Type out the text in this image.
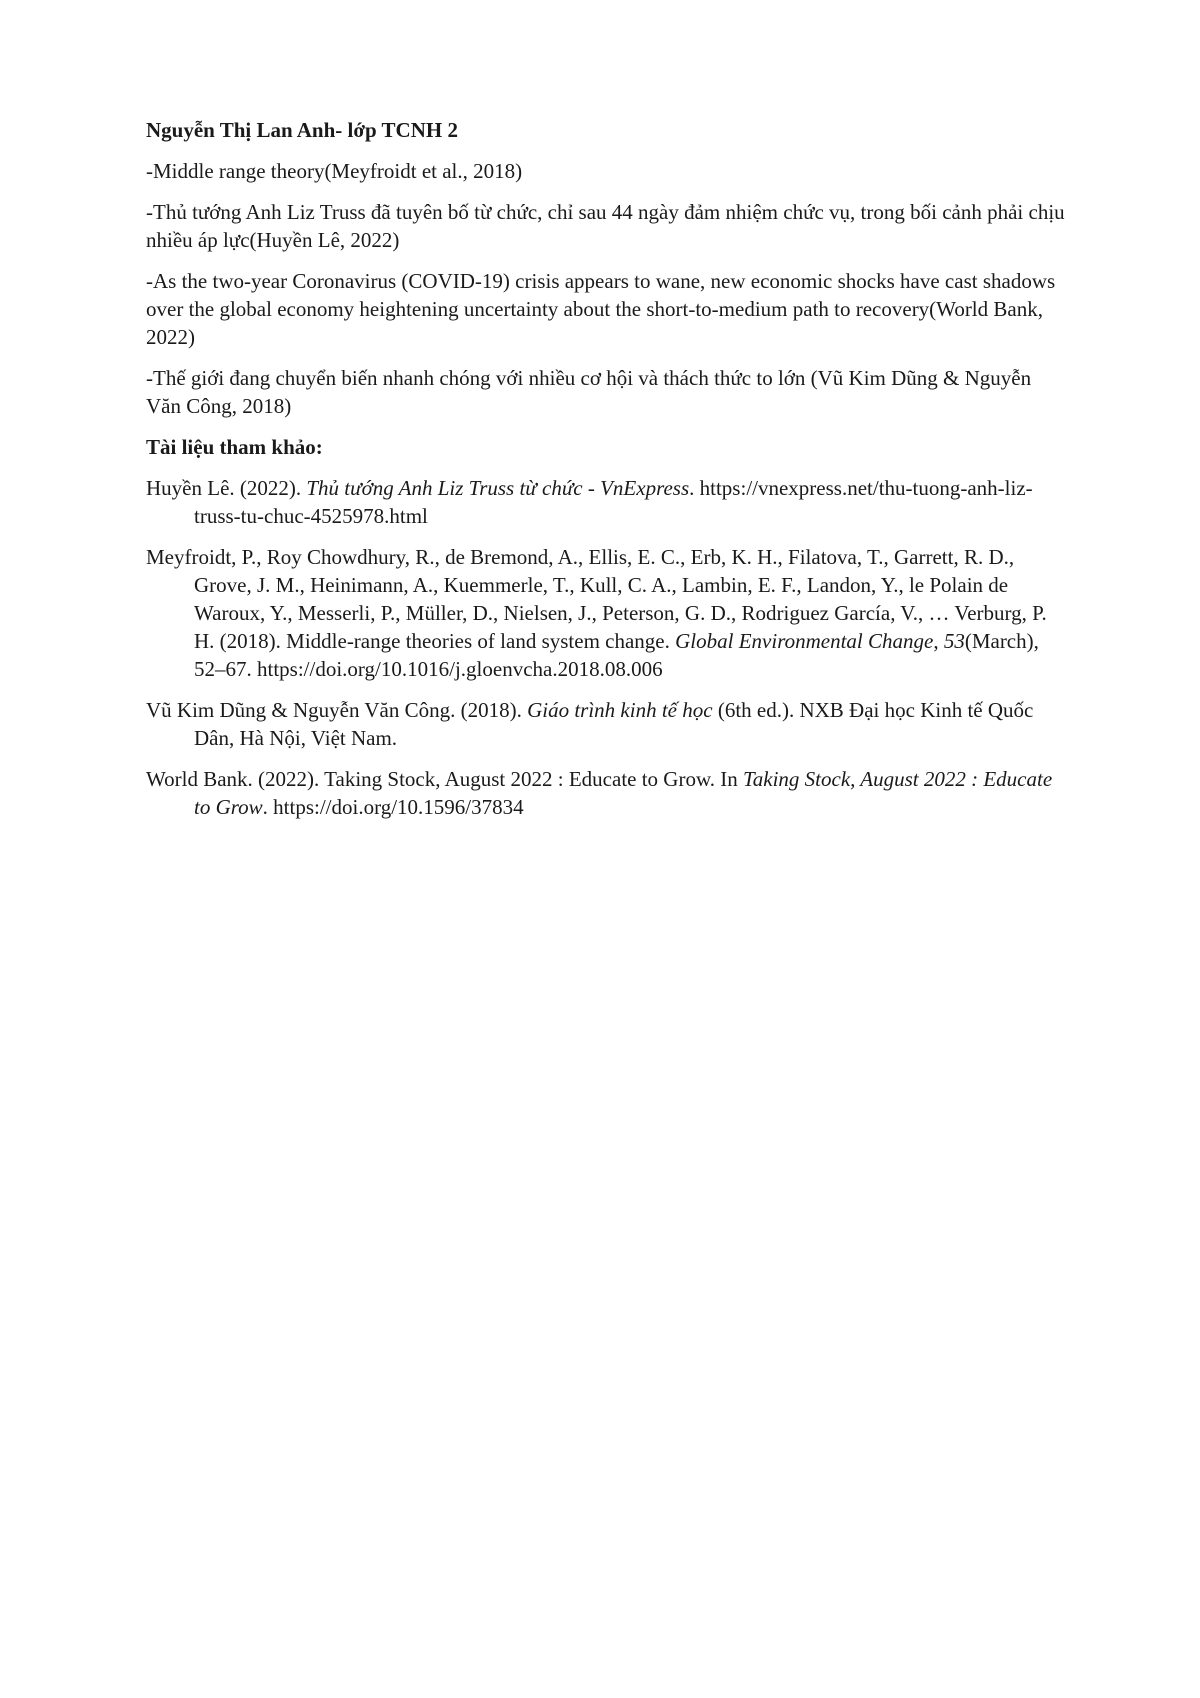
Nguyễn Thị Lan Anh- lớp TCNH 2

-Middle range theory(Meyfroidt et al., 2018)

-Thủ tướng Anh Liz Truss đã tuyên bố từ chức, chỉ sau 44 ngày đảm nhiệm chức vụ, trong bối cảnh phải chịu nhiều áp lực(Huyền Lê, 2022)

-As the two-year Coronavirus (COVID-19) crisis appears to wane, new economic shocks have cast shadows over the global economy heightening uncertainty about the short-to-medium path to recovery(World Bank, 2022)

-Thế giới đang chuyển biến nhanh chóng với nhiều cơ hội và thách thức to lớn (Vũ Kim Dũng & Nguyễn Văn Công, 2018)

Tài liệu tham khảo:

Huyền Lê. (2022). Thủ tướng Anh Liz Truss từ chức - VnExpress. https://vnexpress.net/thu-tuong-anh-liz-truss-tu-chuc-4525978.html

Meyfroidt, P., Roy Chowdhury, R., de Bremond, A., Ellis, E. C., Erb, K. H., Filatova, T., Garrett, R. D., Grove, J. M., Heinimann, A., Kuemmerle, T., Kull, C. A., Lambin, E. F., Landon, Y., le Polain de Waroux, Y., Messerli, P., Müller, D., Nielsen, J., Peterson, G. D., Rodriguez García, V., … Verburg, P. H. (2018). Middle-range theories of land system change. Global Environmental Change, 53(March), 52–67. https://doi.org/10.1016/j.gloenvcha.2018.08.006

Vũ Kim Dũng & Nguyễn Văn Công. (2018). Giáo trình kinh tế học (6th ed.). NXB Đại học Kinh tế Quốc Dân, Hà Nội, Việt Nam.

World Bank. (2022). Taking Stock, August 2022 : Educate to Grow. In Taking Stock, August 2022 : Educate to Grow. https://doi.org/10.1596/37834
